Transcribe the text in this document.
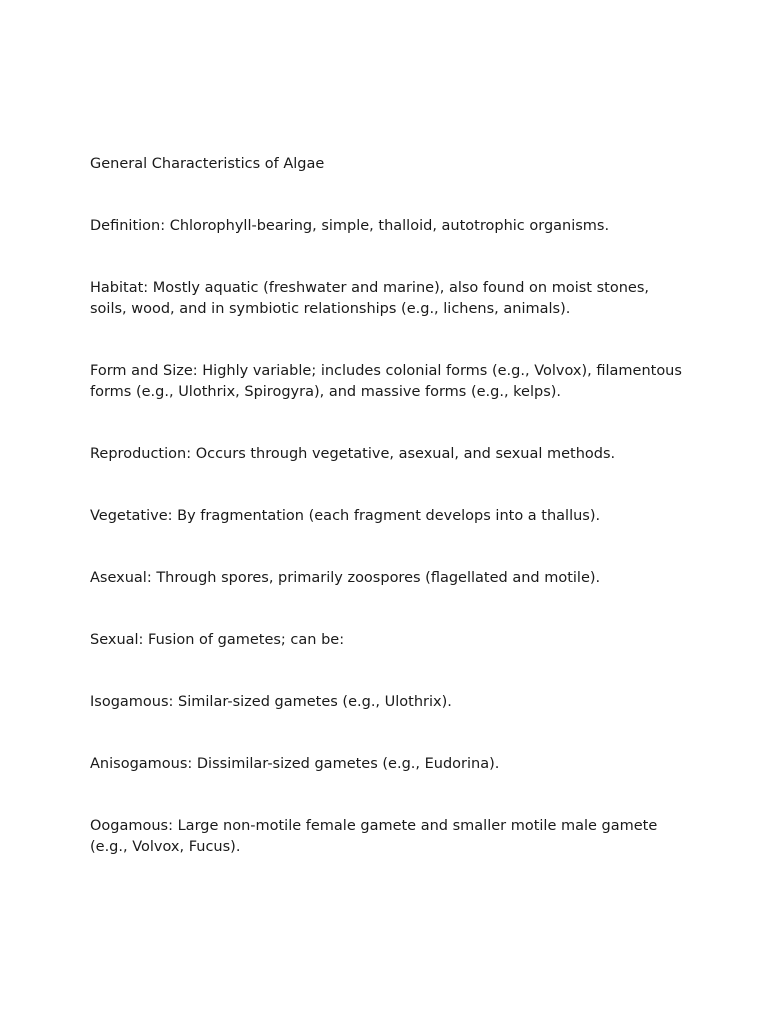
General Characteristics of Algae

Definition: Chlorophyll-bearing, simple, thalloid, autotrophic organisms.

Habitat: Mostly aquatic (freshwater and marine), also found on moist stones, soils, wood, and in symbiotic relationships (e.g., lichens, animals).

Form and Size: Highly variable; includes colonial forms (e.g., Volvox), filamentous forms (e.g., Ulothrix, Spirogyra), and massive forms (e.g., kelps).

Reproduction: Occurs through vegetative, asexual, and sexual methods.

Vegetative: By fragmentation (each fragment develops into a thallus).

Asexual: Through spores, primarily zoospores (flagellated and motile).

Sexual: Fusion of gametes; can be:

Isogamous: Similar-sized gametes (e.g., Ulothrix).

Anisogamous: Dissimilar-sized gametes (e.g., Eudorina).

Oogamous: Large non-motile female gamete and smaller motile male gamete (e.g., Volvox, Fucus).
